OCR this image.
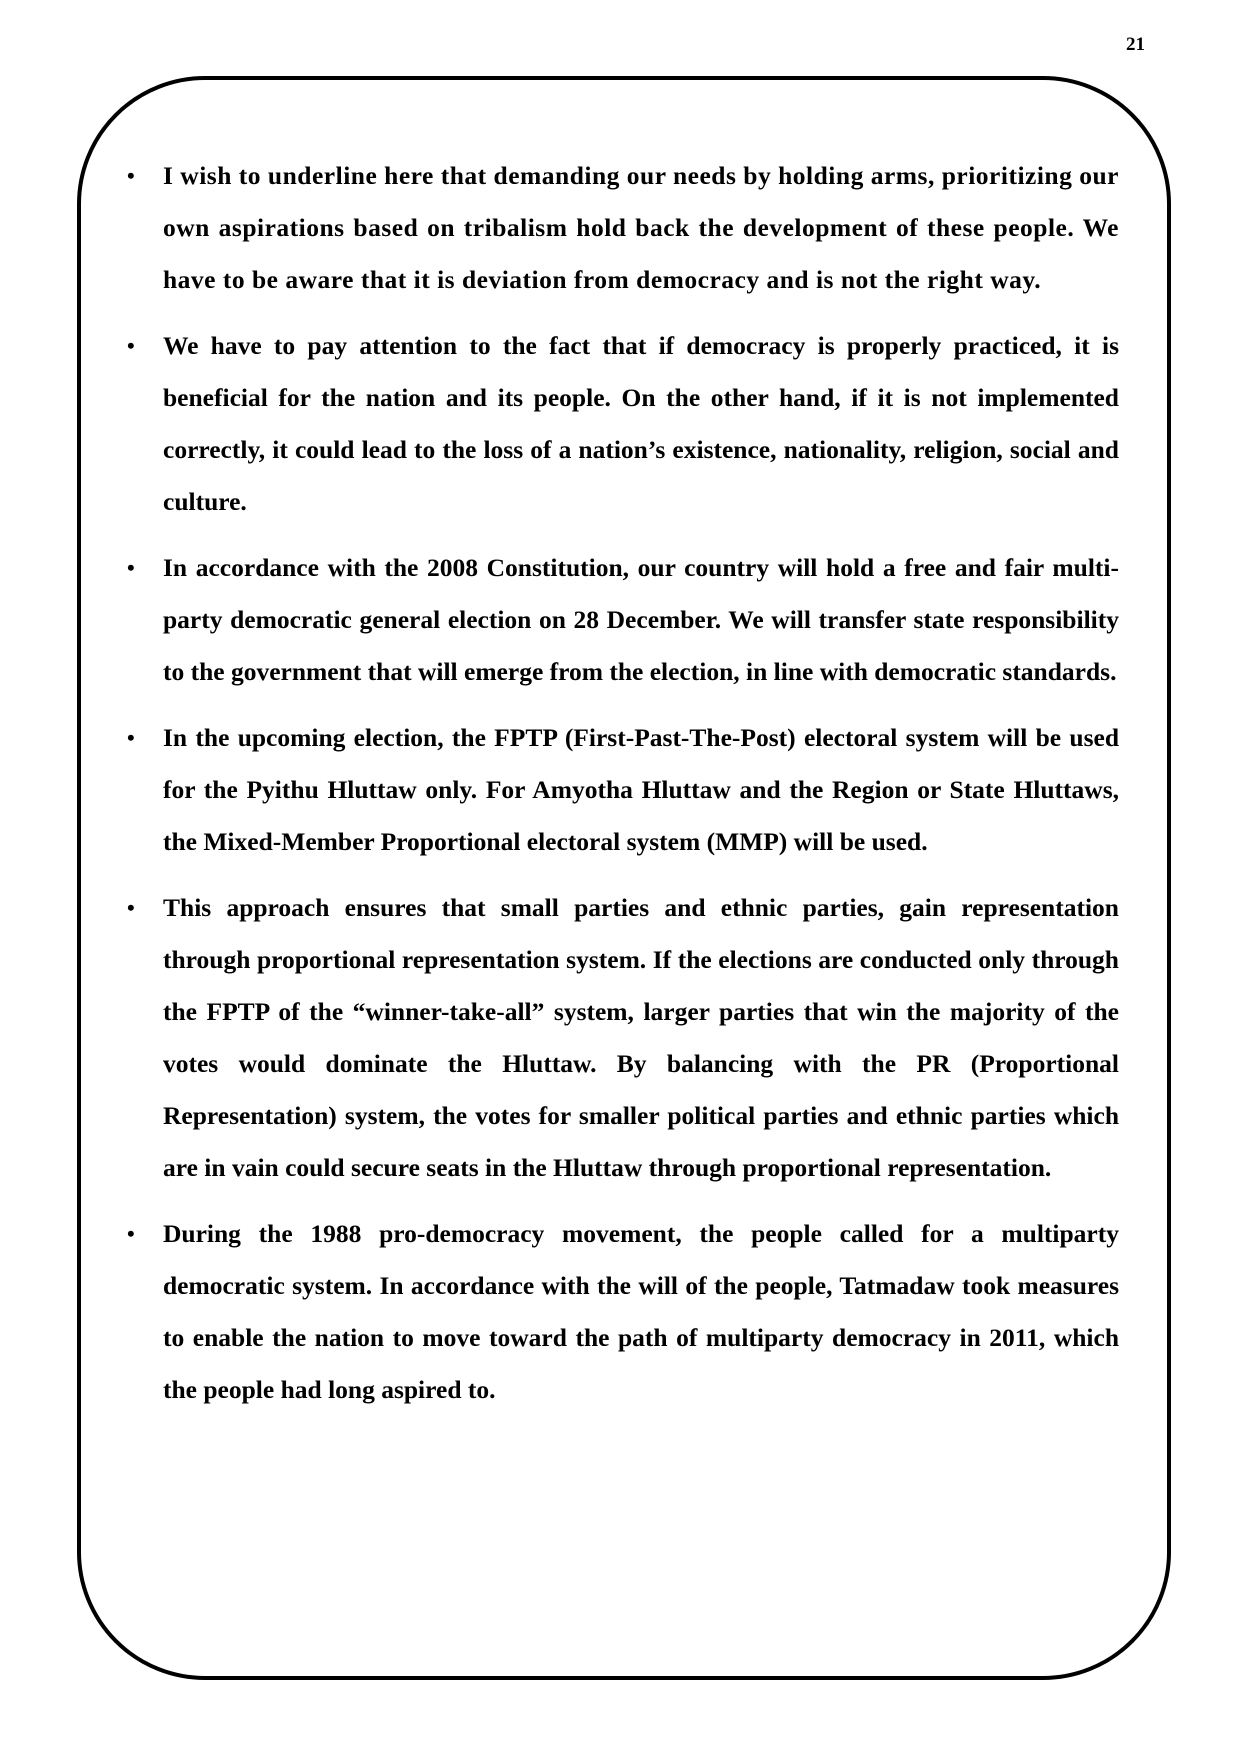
21
• I wish to underline here that demanding our needs by holding arms, prioritizing our own aspirations based on tribalism hold back the development of these people. We have to be aware that it is deviation from democracy and is not the right way.
• We have to pay attention to the fact that if democracy is properly practiced, it is beneficial for the nation and its people. On the other hand, if it is not implemented correctly, it could lead to the loss of a nation’s existence, nationality, religion, social and culture.
• In accordance with the 2008 Constitution, our country will hold a free and fair multi-party democratic general election on 28 December. We will transfer state responsibility to the government that will emerge from the election, in line with democratic standards.
• In the upcoming election, the FPTP (First-Past-The-Post) electoral system will be used for the Pyithu Hluttaw only. For Amyotha Hluttaw and the Region or State Hluttaws, the Mixed-Member Proportional electoral system (MMP) will be used.
• This approach ensures that small parties and ethnic parties, gain representation through proportional representation system. If the elections are conducted only through the FPTP of the “winner-take-all” system, larger parties that win the majority of the votes would dominate the Hluttaw. By balancing with the PR (Proportional Representation) system, the votes for smaller political parties and ethnic parties which are in vain could secure seats in the Hluttaw through proportional representation.
• During the 1988 pro-democracy movement, the people called for a multiparty democratic system. In accordance with the will of the people, Tatmadaw took measures to enable the nation to move toward the path of multiparty democracy in 2011, which the people had long aspired to.
